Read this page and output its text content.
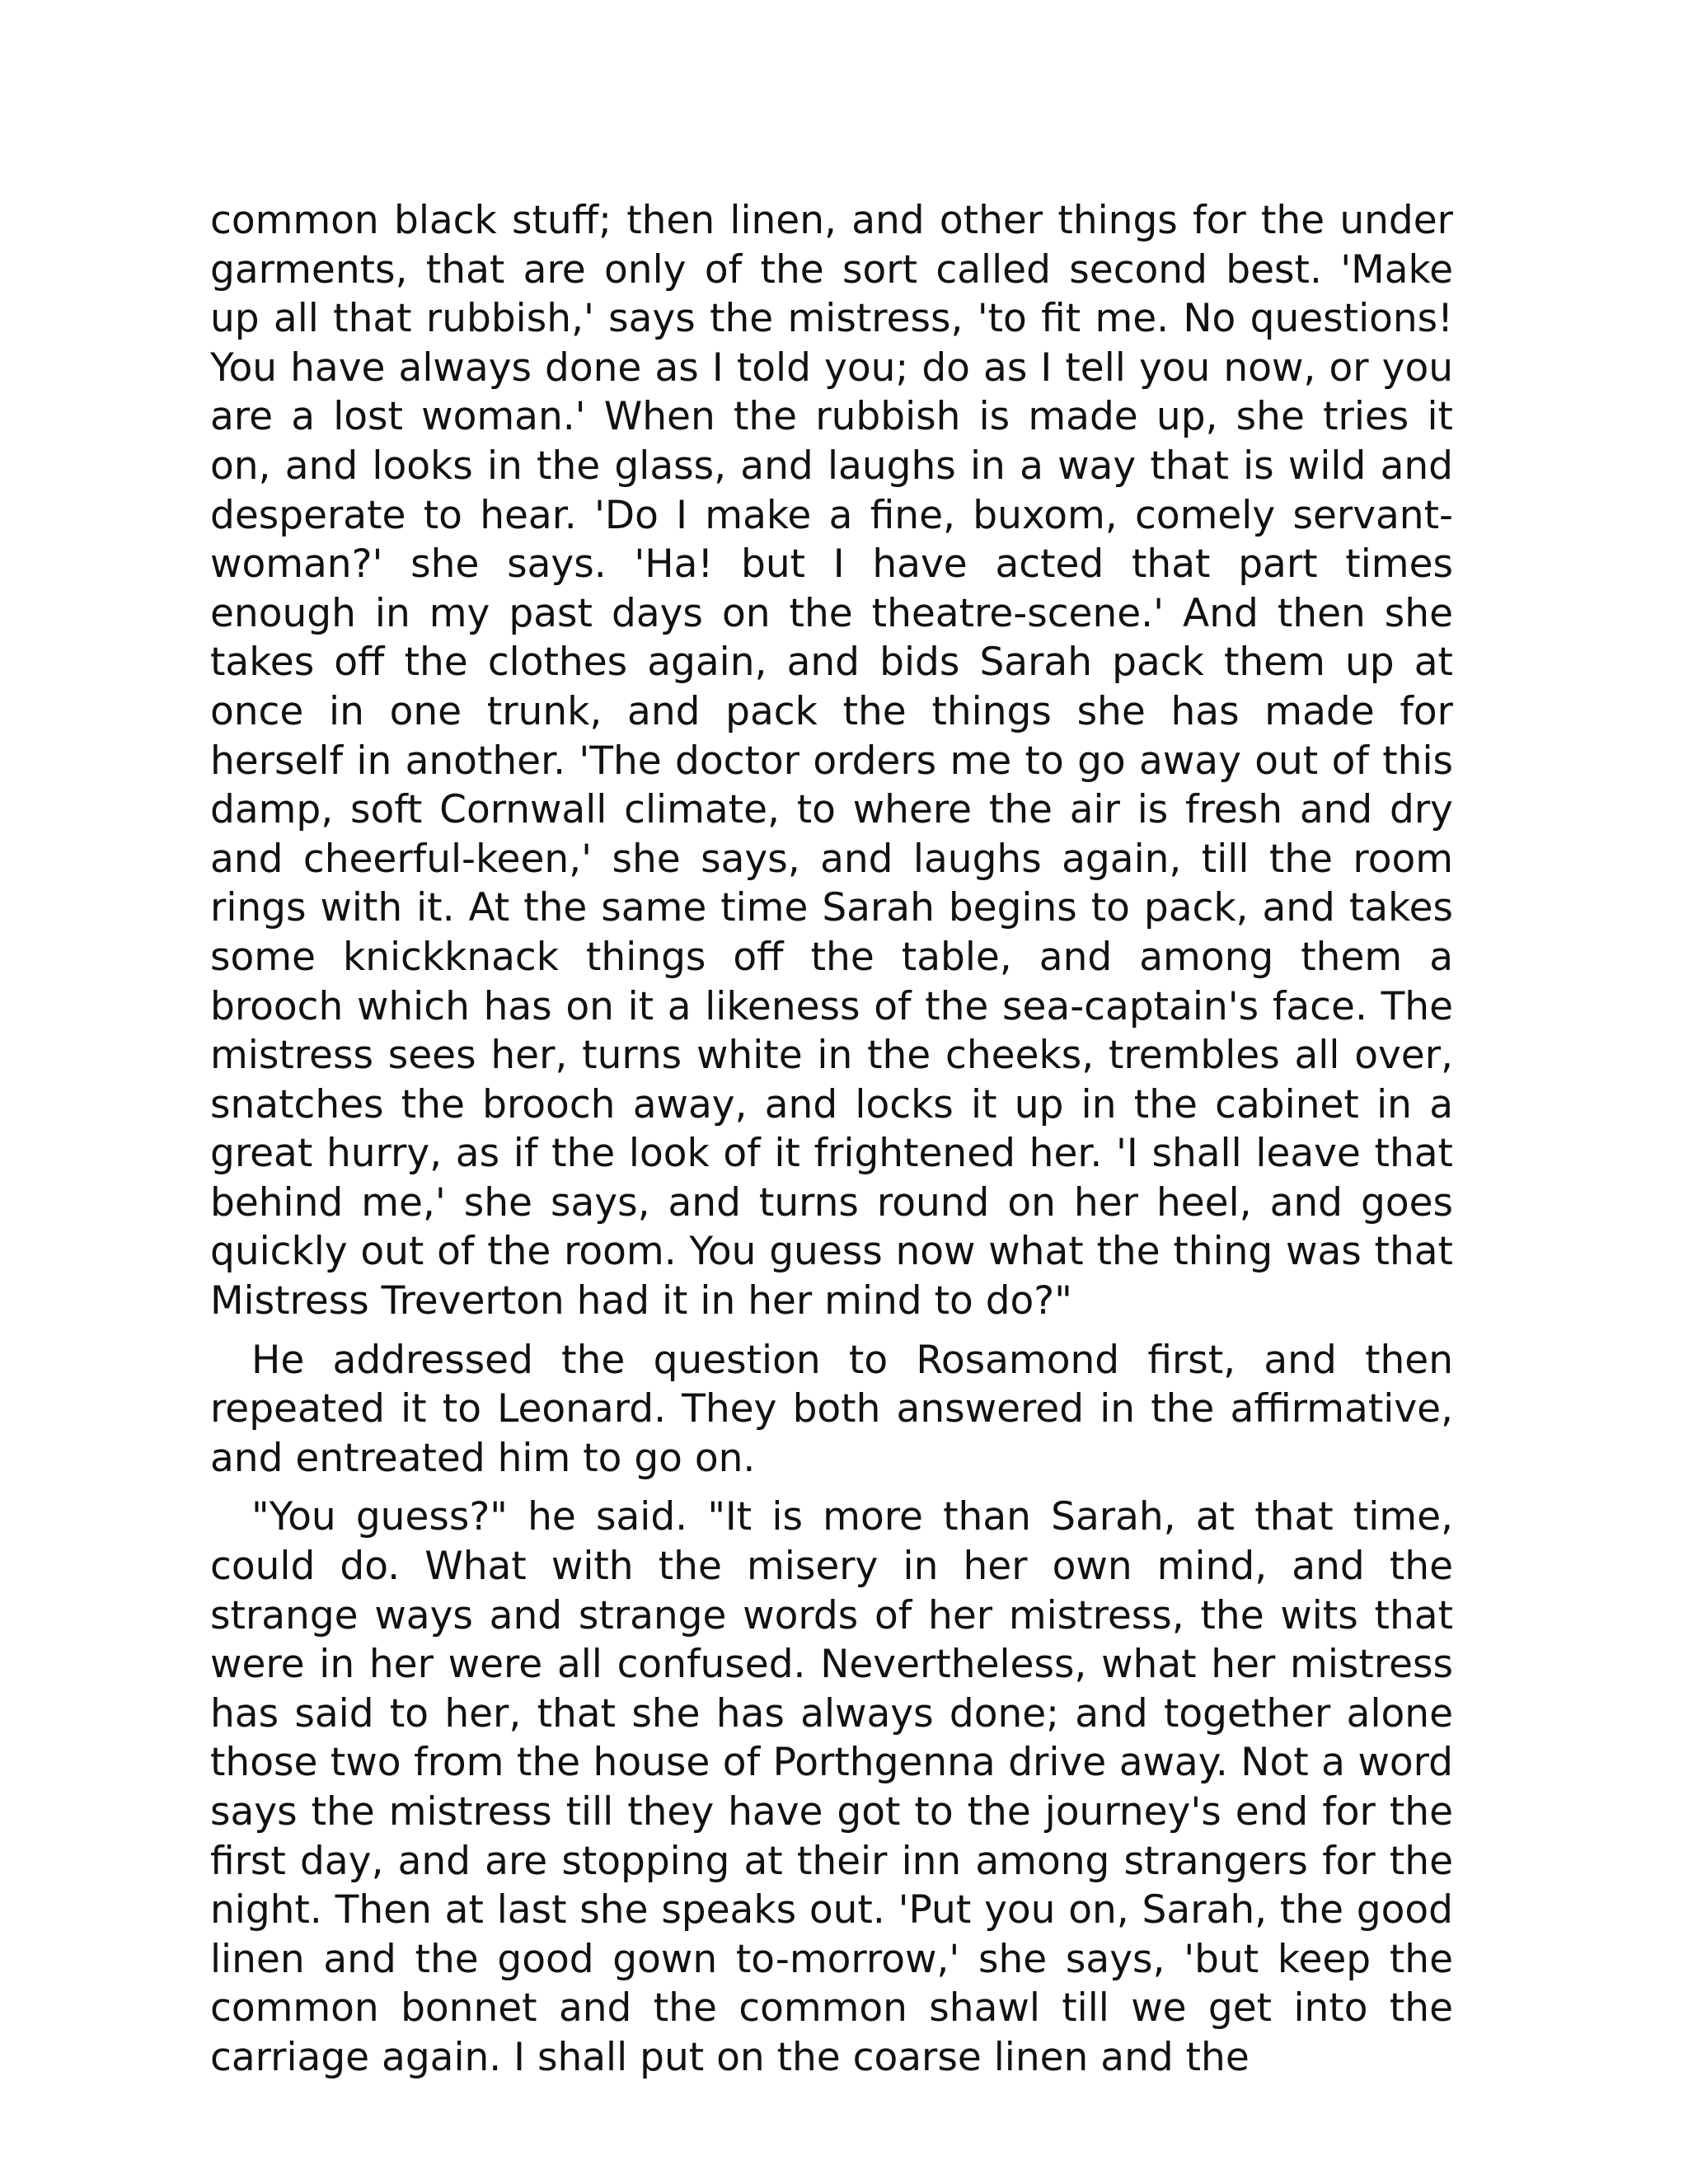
common black stuff; then linen, and other things for the under garments, that are only of the sort called second best. 'Make up all that rubbish,' says the mistress, 'to fit me. No questions! You have always done as I told you; do as I tell you now, or you are a lost woman.' When the rubbish is made up, she tries it on, and looks in the glass, and laughs in a way that is wild and desperate to hear. 'Do I make a fine, buxom, comely servant-woman?' she says. 'Ha! but I have acted that part times enough in my past days on the theatre-scene.' And then she takes off the clothes again, and bids Sarah pack them up at once in one trunk, and pack the things she has made for herself in another. 'The doctor orders me to go away out of this damp, soft Cornwall climate, to where the air is fresh and dry and cheerful-keen,' she says, and laughs again, till the room rings with it. At the same time Sarah begins to pack, and takes some knickknack things off the table, and among them a brooch which has on it a likeness of the sea-captain's face. The mistress sees her, turns white in the cheeks, trembles all over, snatches the brooch away, and locks it up in the cabinet in a great hurry, as if the look of it frightened her. 'I shall leave that behind me,' she says, and turns round on her heel, and goes quickly out of the room. You guess now what the thing was that Mistress Treverton had it in her mind to do?"

He addressed the question to Rosamond first, and then repeated it to Leonard. They both answered in the affirmative, and entreated him to go on.

"You guess?" he said. "It is more than Sarah, at that time, could do. What with the misery in her own mind, and the strange ways and strange words of her mistress, the wits that were in her were all confused. Nevertheless, what her mistress has said to her, that she has always done; and together alone those two from the house of Porthgenna drive away. Not a word says the mistress till they have got to the journey's end for the first day, and are stopping at their inn among strangers for the night. Then at last she speaks out. 'Put you on, Sarah, the good linen and the good gown to-morrow,' she says, 'but keep the common bonnet and the common shawl till we get into the carriage again. I shall put on the coarse linen and the
